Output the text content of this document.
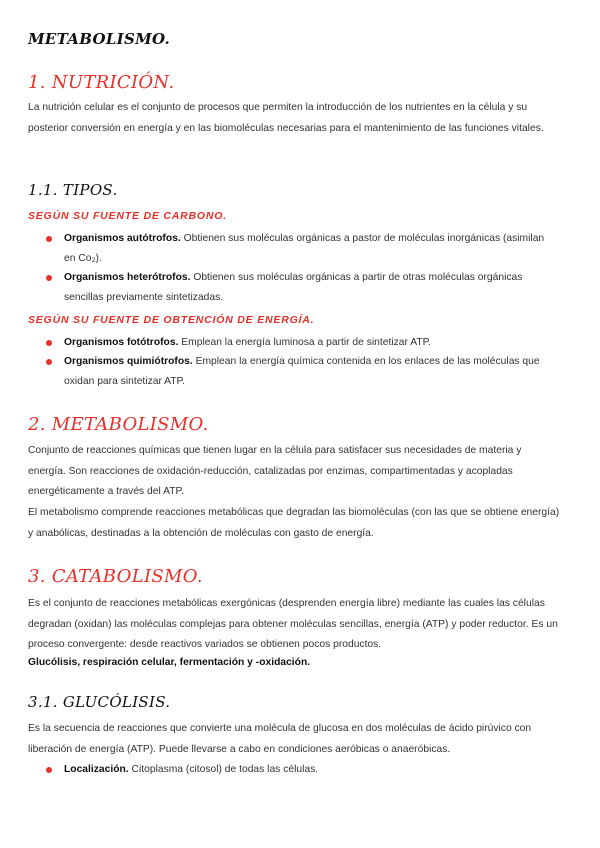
METABOLISMO.
1. NUTRICIÓN.

La nutrición celular es el conjunto de procesos que permiten la introducción de los nutrientes en la célula y su posterior conversión en energía y en las biomoléculas necesarias para el mantenimiento de las funciones vitales.

1.1. TIPOS.
SEGÚN SU FUENTE DE CARBONO.
Organismos autótrofos. Obtienen sus moléculas orgánicas a pastor de moléculas inorgánicas (asimilan en Co₂).
Organismos heterótrofos. Obtienen sus moléculas orgánicas a partir de otras moléculas orgánicas sencillas previamente sintetizadas.
SEGÚN SU FUENTE DE OBTENCIÓN DE ENERGÍA.
Organismos fotótrofos. Emplean la energía luminosa a partir de sintetizar ATP.
Organismos quimiótrofos. Emplean la energía química contenida en los enlaces de las moléculas que oxidan para sintetizar ATP.
2. METABOLISMO.

Conjunto de reacciones químicas que tienen lugar en la célula para satisfacer sus necesidades de materia y energía. Son reacciones de oxidación-reducción, catalizadas por enzimas, compartimentadas y acopladas energéticamente a través del ATP.

El metabolismo comprende reacciones metabólicas que degradan las biomoléculas (con las que se obtiene energía) y anabólicas, destinadas a la obtención de moléculas con gasto de energía.

3. CATABOLISMO.

Es el conjunto de reacciones metabólicas exergónicas (desprenden energía libre) mediante las cuales las células degradan (oxidan) las moléculas complejas para obtener moléculas sencillas, energía (ATP) y poder reductor. Es un proceso convergente: desde reactivos variados se obtienen pocos productos.

Glucólisis, respiración celular, fermentación y -oxidación.
3.1. GLUCÓLISIS.

Es la secuencia de reacciones que convierte una molécula de glucosa en dos moléculas de ácido pirúvico con liberación de energía (ATP). Puede llevarse a cabo en condiciones aeróbicas o anaeróbicas.

Localización. Citoplasma (citosol) de todas las células.
